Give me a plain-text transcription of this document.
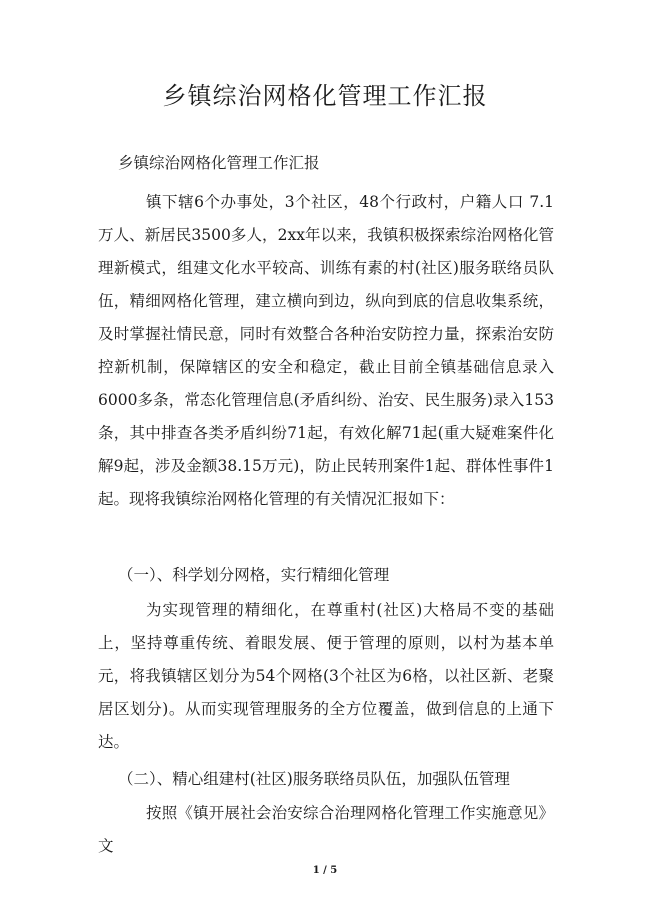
乡镇综治网格化管理工作汇报

乡镇综治网格化管理工作汇报

镇下辖6个办事处，3个社区，48个行政村，户籍人口 7.1万人、新居民3500多人，2xx年以来，我镇积极探索综治网格化管理新模式，组建文化水平较高、训练有素的村(社区)服务联络员队伍，精细网格化管理，建立横向到边，纵向到底的信息收集系统，及时掌握社情民意，同时有效整合各种治安防控力量，探索治安防控新机制，保障辖区的安全和稳定，截止目前全镇基础信息录入6000多条，常态化管理信息(矛盾纠纷、治安、民生服务)录入153条，其中排查各类矛盾纠纷71起，有效化解71起(重大疑难案件化解9起，涉及金额38.15万元)，防止民转刑案件1起、群体性事件1起。现将我镇综治网格化管理的有关情况汇报如下：

（一）、科学划分网格，实行精细化管理

为实现管理的精细化，在尊重村(社区)大格局不变的基础上，坚持尊重传统、着眼发展、便于管理的原则，以村为基本单元，将我镇辖区划分为54个网格(3个社区为6格，以社区新、老聚居区划分)。从而实现管理服务的全方位覆盖，做到信息的上通下达。

（二）、精心组建村(社区)服务联络员队伍，加强队伍管理

按照《镇开展社会治安综合治理网格化管理工作实施意见》文

1 / 5
